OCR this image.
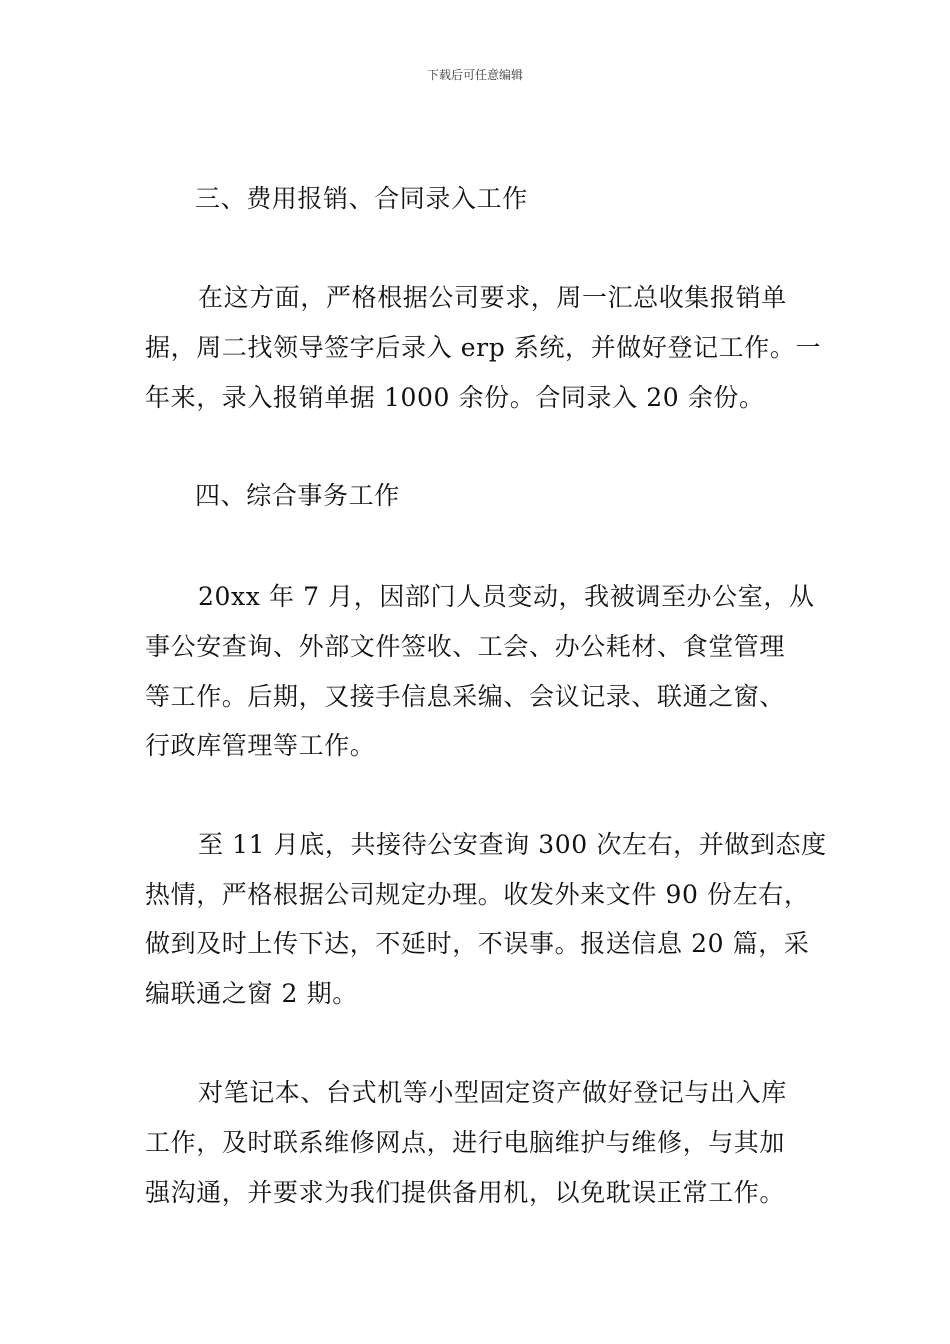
下载后可任意编辑
三、费用报销、合同录入工作
在这方面，严格根据公司要求，周一汇总收集报销单
据，周二找领导签字后录入 erp 系统，并做好登记工作。一
年来，录入报销单据 1000 余份。合同录入 20 余份。
四、综合事务工作
20xx 年 7 月，因部门人员变动，我被调至办公室，从
事公安查询、外部文件签收、工会、办公耗材、食堂管理
等工作。后期，又接手信息采编、会议记录、联通之窗、
行政库管理等工作。
至 11 月底，共接待公安查询 300 次左右，并做到态度
热情，严格根据公司规定办理。收发外来文件 90 份左右，
做到及时上传下达，不延时，不误事。报送信息 20 篇，采
编联通之窗 2 期。
对笔记本、台式机等小型固定资产做好登记与出入库
工作，及时联系维修网点，进行电脑维护与维修，与其加
强沟通，并要求为我们提供备用机，以免耽误正常工作。
